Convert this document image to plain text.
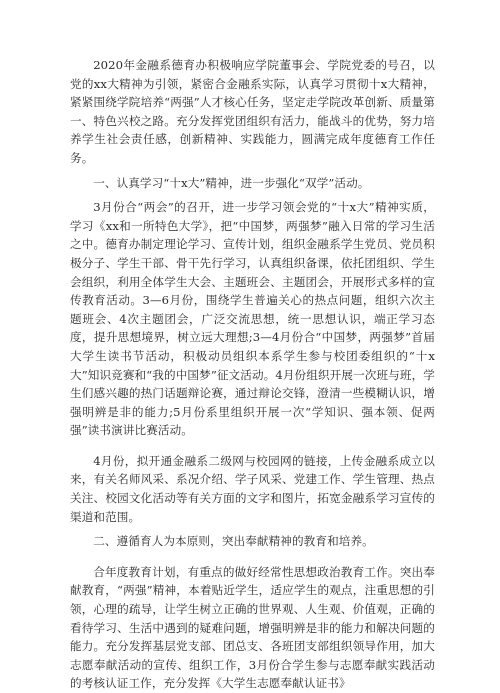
2020年金融系德育办积极响应学院董事会、学院党委的号召，以党的xx大精神为引领，紧密合金融系实际，认真学习贯彻十x大精神，紧紧围绕学院培养“两强”人才核心任务，坚定走学院改革创新、质量第一、特色兴校之路。充分发挥党团组织有活力，能战斗的优势，努力培养学生社会责任感，创新精神、实践能力，圆满完成年度德育工作任务。

一、认真学习“十x大”精神，进一步强化“双学”活动。

3月份合“两会”的召开，进一步学习领会党的“十x大”精神实质，学习《xx和一所特色大学》，把“中国梦，两强梦”融入日常的学习生活之中。德育办制定理论学习、宣传计划，组织金融系学生党员、党员积极分子、学生干部、骨干先行学习，认真组织备课，依托团组织、学生会组织，利用全体学生大会、主题班会、主题团会，开展形式多样的宣传教育活动。3—6月份，围绕学生普遍关心的热点问题，组织六次主题班会、4次主题团会，广泛交流思想，统一思想认识，端正学习态度，提升思想境界，树立远大理想;3—4月份合“中国梦，两强梦”首届大学生读书节活动，积极动员组织本系学生参与校团委组织的“十x大”知识竞赛和“我的中国梦”征文活动。4月份组织开展一次班与班，学生们感兴趣的热门话题辩论赛，通过辩论交锋，澄清一些模糊认识，增强明辨是非的能力;5月份系里组织开展一次“学知识、强本领、促两强”读书演讲比赛活动。

4月份，拟开通金融系二级网与校园网的链接，上传金融系成立以来，有关名师风采、系况介绍、学子风采、党建工作、学生管理、热点关注、校园文化活动等有关方面的文字和图片，拓宽金融系学习宣传的渠道和范围。

二、遵循育人为本原则，突出奉献精神的教育和培养。

合年度教育计划，有重点的做好经常性思想政治教育工作。突出奉献教育，“两强”精神，本着贴近学生，适应学生的观点，注重思想的引领，心理的疏导，让学生树立正确的世界观、人生观、价值观，正确的看待学习、生活中遇到的疑难问题，增强明辨是非的能力和解决问题的能力。充分发挥基层党支部、团总支、各班团支部组织领导作用，加大志愿奉献活动的宣传、组织工作，3月份合学生参与志愿奉献实践活动的考核认证工作，充分发挥《大学生志愿奉献认证书》
